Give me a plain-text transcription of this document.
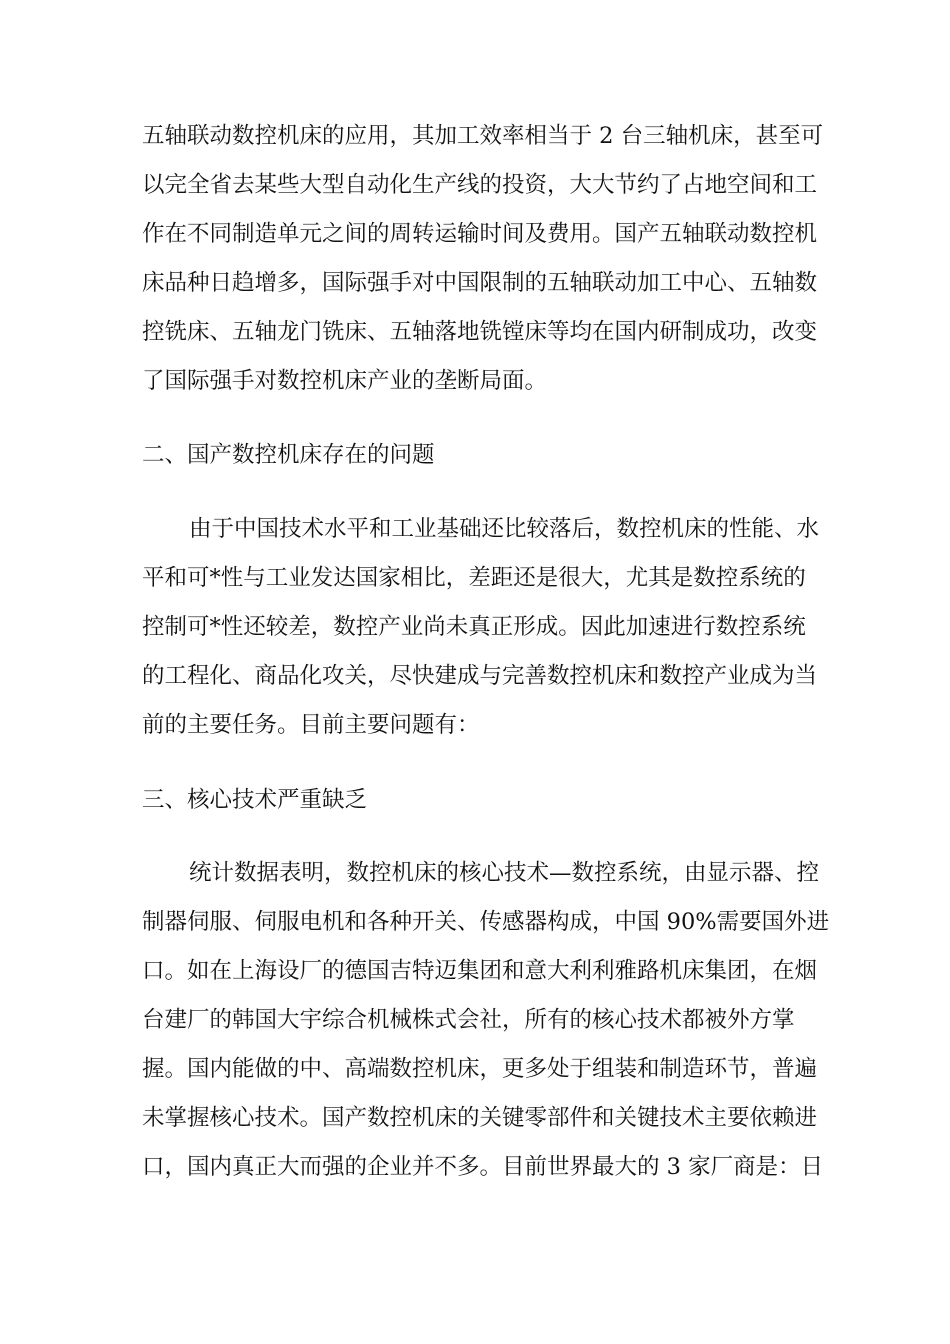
五轴联动数控机床的应用，其加工效率相当于 2 台三轴机床，甚至可
以完全省去某些大型自动化生产线的投资，大大节约了占地空间和工
作在不同制造单元之间的周转运输时间及费用。国产五轴联动数控机
床品种日趋增多，国际强手对中国限制的五轴联动加工中心、五轴数
控铣床、五轴龙门铣床、五轴落地铣镗床等均在国内研制成功，改变
了国际强手对数控机床产业的垄断局面。
二、国产数控机床存在的问题
由于中国技术水平和工业基础还比较落后，数控机床的性能、水
平和可*性与工业发达国家相比，差距还是很大，尤其是数控系统的
控制可*性还较差，数控产业尚未真正形成。因此加速进行数控系统
的工程化、商品化攻关，尽快建成与完善数控机床和数控产业成为当
前的主要任务。目前主要问题有：
三、核心技术严重缺乏
统计数据表明，数控机床的核心技术—数控系统，由显示器、控
制器伺服、伺服电机和各种开关、传感器构成，中国 90%需要国外进
口。如在上海设厂的德国吉特迈集团和意大利利雅路机床集团，在烟
台建厂的韩国大宇综合机械株式会社，所有的核心技术都被外方掌
握。国内能做的中、高端数控机床，更多处于组装和制造环节，普遍
未掌握核心技术。国产数控机床的关键零部件和关键技术主要依赖进
口，国内真正大而强的企业并不多。目前世界最大的 3 家厂商是：日
